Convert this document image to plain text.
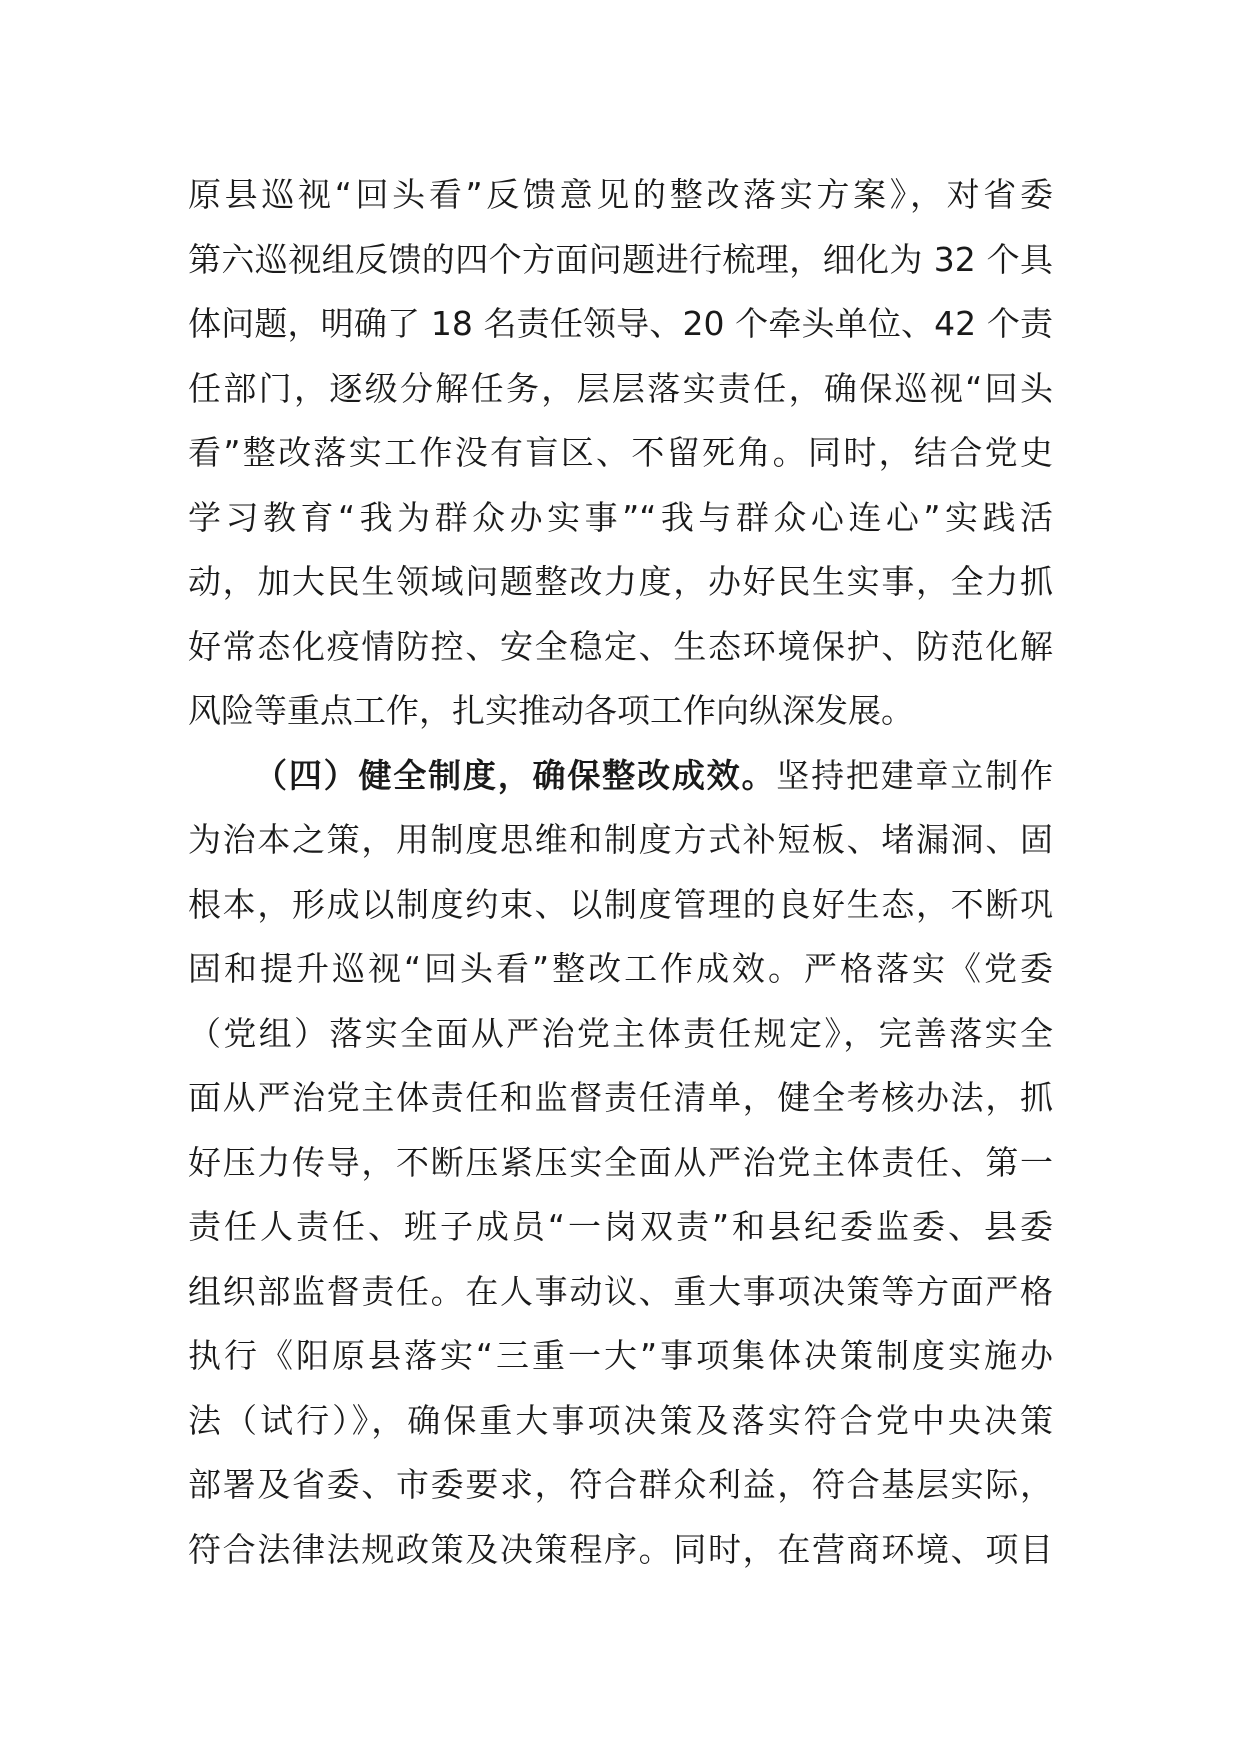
原县巡视“回头看”反馈意见的整改落实方案》，对省委
第六巡视组反馈的四个方面问题进行梳理，细化为 32 个具
体问题，明确了 18 名责任领导、20 个牵头单位、42 个责
任部门，逐级分解任务，层层落实责任，确保巡视“回头
看”整改落实工作没有盲区、不留死角。同时，结合党史
学习教育“我为群众办实事”“我与群众心连心”实践活
动，加大民生领域问题整改力度，办好民生实事，全力抓
好常态化疫情防控、安全稳定、生态环境保护、防范化解
风险等重点工作，扎实推动各项工作向纵深发展。
（四）健全制度，确保整改成效。坚持把建章立制作
为治本之策，用制度思维和制度方式补短板、堵漏洞、固
根本，形成以制度约束、以制度管理的良好生态，不断巩
固和提升巡视“回头看”整改工作成效。严格落实《党委
（党组）落实全面从严治党主体责任规定》，完善落实全
面从严治党主体责任和监督责任清单，健全考核办法，抓
好压力传导，不断压紧压实全面从严治党主体责任、第一
责任人责任、班子成员“一岗双责”和县纪委监委、县委
组织部监督责任。在人事动议、重大事项决策等方面严格
执行《阳原县落实“三重一大”事项集体决策制度实施办
法（试行）》，确保重大事项决策及落实符合党中央决策
部署及省委、市委要求，符合群众利益，符合基层实际，
符合法律法规政策及决策程序。同时，在营商环境、项目
